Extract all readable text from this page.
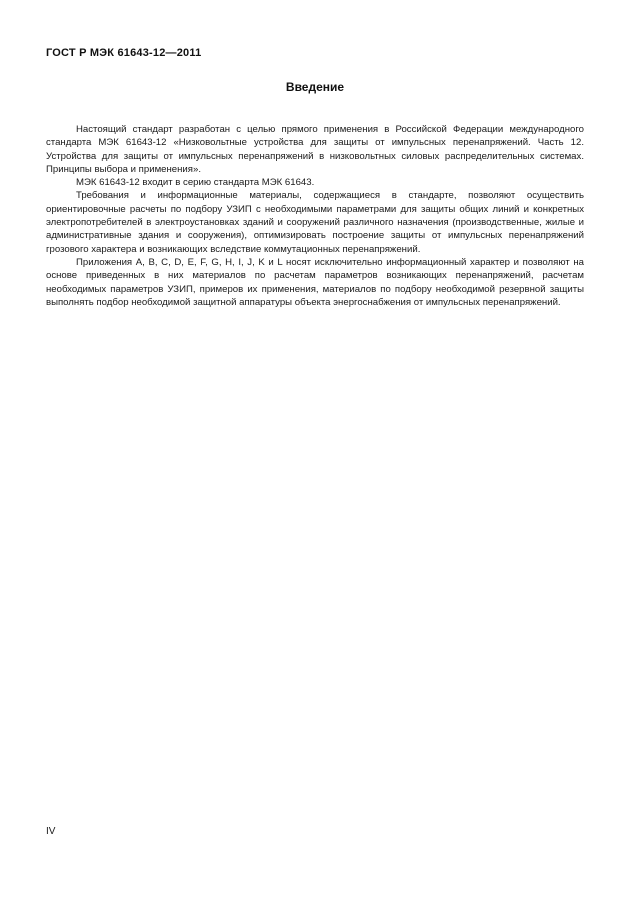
ГОСТ Р МЭК 61643-12—2011
Введение

Настоящий стандарт разработан с целью прямого применения в Российской Федерации международного стандарта МЭК 61643-12 «Низковольтные устройства для защиты от импульсных перенапряжений. Часть 12. Устройства для защиты от импульсных перенапряжений в низковольтных силовых распределительных системах. Принципы выбора и применения».

МЭК 61643-12 входит в серию стандарта МЭК 61643.

Требования и информационные материалы, содержащиеся в стандарте, позволяют осуществить ориентировочные расчеты по подбору УЗИП с необходимыми параметрами для защиты общих линий и конкретных электропотребителей в электроустановках зданий и сооружений различного назначения (производственные, жилые и административные здания и сооружения), оптимизировать построение защиты от импульсных перенапряжений грозового характера и возникающих вследствие коммутационных перенапряжений.

Приложения A, B, C, D, E, F, G, H, I, J, K и L носят исключительно информационный характер и позволяют на основе приведенных в них материалов по расчетам параметров возникающих перенапряжений, расчетам необходимых параметров УЗИП, примеров их применения, материалов по подбору необходимой резервной защиты выполнять подбор необходимой защитной аппаратуры объекта энергоснабжения от импульсных перенапряжений.

IV
